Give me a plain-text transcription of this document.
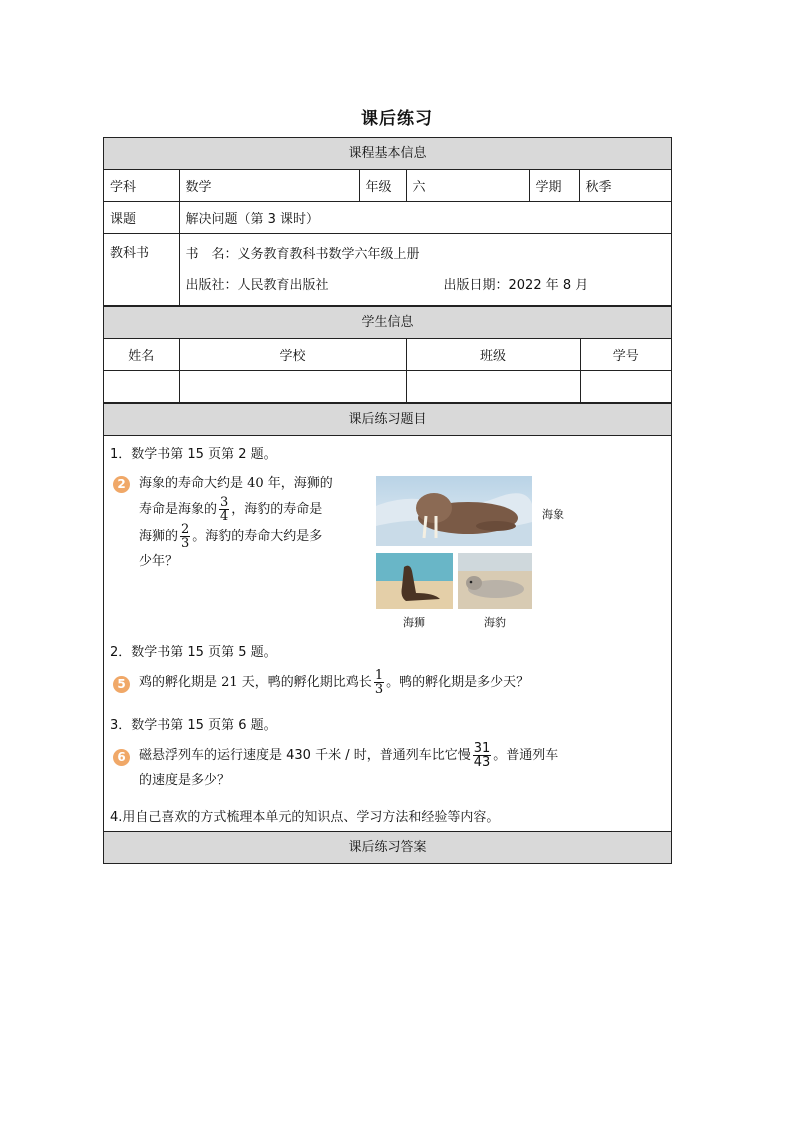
课后练习
课程基本信息
学科	数学	年级	六	学期	秋季
课题	解决问题（第 3 课时）				
教科书	书　名：义务教育教科书数学六年级上册
出版社：人民教育出版社 出版日期：2022 年 8 月				
学生信息
姓名	学校	班级	学号

课后练习题目
1．数学书第 15 页第 2 题。
2	海象的寿命大约是 40 年，海狮的
寿命是海象的 $\frac{3}{4}$ ，海豹的寿命是
海狮的 $\frac{2}{3}$ 。海豹的寿命大约是多
少年？
海象
海狮	海豹
2．数学书第 15 页第 5 题。
5	鸡的孵化期是 21 天，鸭的孵化期比鸡长 $\frac{1}{3}$ 。鸭的孵化期是多少天？
3．数学书第 15 页第 6 题。
6	磁悬浮列车的运行速度是 430 千米 / 时，普通列车比它慢 $\frac{31}{43}$ 。普通列车
的速度是多少？
4.用自己喜欢的方式梳理本单元的知识点、学习方法和经验等内容。
课后练习答案
